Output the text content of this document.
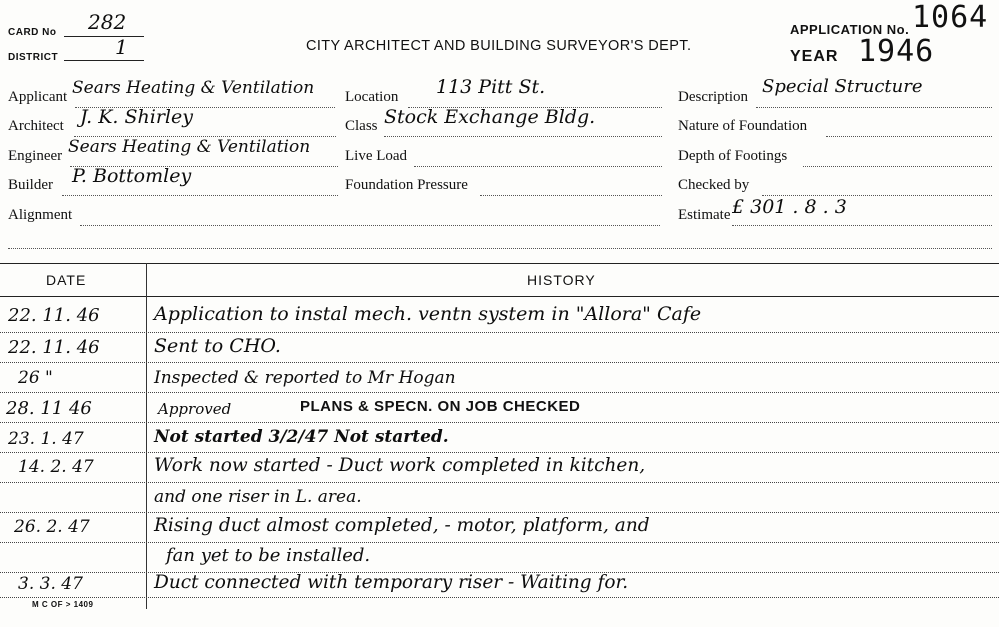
CARD No 282
DISTRICT	1	CITY ARCHITECT AND BUILDING SURVEYOR'S DEPT.
APPLICATION No. 1064
YEAR 1946
Applicant Sears Heating & Ventilation
Architect J. K. Shirley
Engineer Sears Heating & Ventilation
Builder P. Bottomley
Alignment
Location 113 Pitt St.
Class Stock Exchange Bldg.
Live Load
Foundation Pressure
Description Special Structure
Nature of Foundation
Depth of Footings
Checked by
Estimate £ 301 . 8 . 3
DATE	HISTORY
22. 11. 46	Application to instal mech. ventn system in "Allora" Cafe
22. 11. 46	Sent to CHO.
26 "	Inspected & reported to Mr Hogan
28. 11 46	Approved	PLANS & SPECN. ON JOB CHECKED
23. 1. 47	Not started 3/2/47 Not started.
14. 2. 47	Work now started - Duct work completed in kitchen,
and one riser in L. area.
26. 2. 47	Rising duct almost completed, - motor, platform, and
fan yet to be installed.
3. 3. 47	Duct connected with temporary riser - Waiting for.
M C OF > 1409
